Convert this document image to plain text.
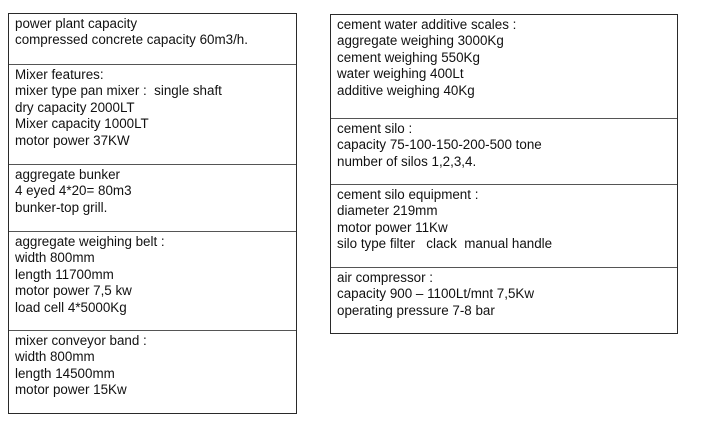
power plant capacity
compressed concrete capacity 60m3/h.
Mixer features:
mixer type pan mixer :  single shaft
dry capacity 2000LT
Mixer capacity 1000LT
motor power 37KW
aggregate bunker
4 eyed 4*20= 80m3
bunker-top grill.
aggregate weighing belt :
width 800mm
length 11700mm
motor power 7,5 kw
load cell 4*5000Kg
mixer conveyor band :
width 800mm
length 14500mm
motor power 15Kw
cement water additive scales :
aggregate weighing 3000Kg
cement weighing 550Kg
water weighing 400Lt
additive weighing 40Kg
cement silo :
capacity 75-100-150-200-500 tone
number of silos 1,2,3,4.
cement silo equipment :
diameter 219mm
motor power 11Kw
silo type filter   clack  manual handle
air compressor :
capacity 900 – 1100Lt/mnt 7,5Kw
operating pressure 7-8 bar
